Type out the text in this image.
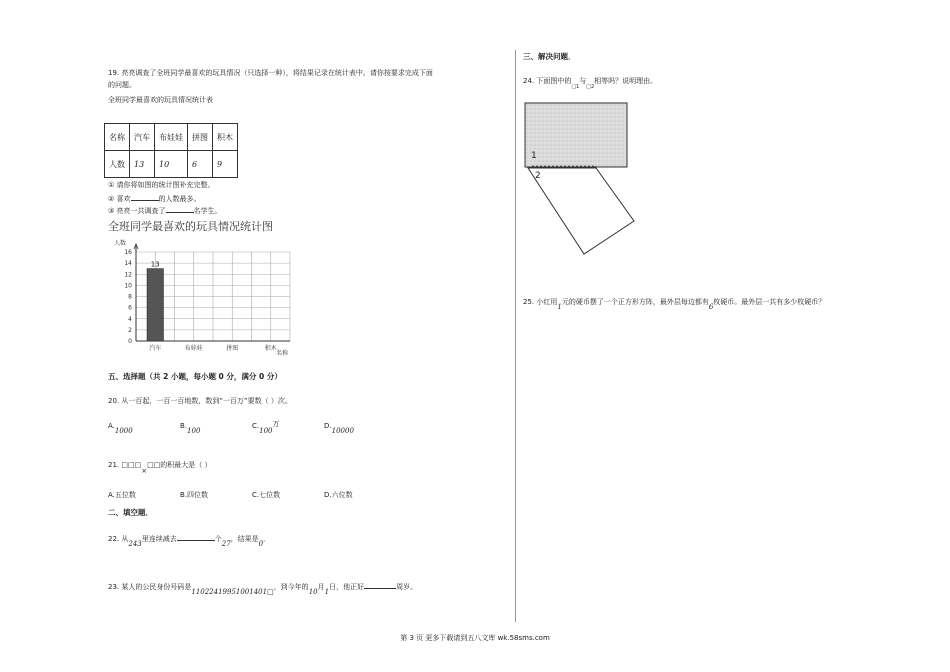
19. 亮亮调查了全班同学最喜欢的玩具情况（只选择一种），将结果记录在统计表中。请你按要求完成下面
的问题。
全班同学最喜欢的玩具情况统计表
名称	汽车	布娃娃	拼图	积木
人数	13	10	6	9
① 请你将如图的统计图补充完整。
② 喜欢	的人数最多。
③ 亮亮一共调查了	名学生。
全班同学最喜欢的玩具情况统计图
人数
0
2
4
6
8
10
12
14
16
13
汽车	布娃娃	拼图	积木
名称
五、选择题（共 2 小题，每小题 0 分，满分 0 分）
20. 从一百起，一百一百地数，数到”一百万”要数（ ）次。
$A._{1000}$
$B._{100}$
$C._{100}$万	$D._{10000}$
21. □□□×□□的积最大是（ ）
A.五位数	B.四位数	C.七位数	D.六位数
二、填空题．
22. 从243里连续减去	个27，结果是0．
23. 某人的公民身份号码是11022419951001401□，到今年的10月1日，他正好	周岁。
三、解决问题．
24. 下面图中的$_{□1}$与$_{□2}$相等吗？说明理由。
1
2
25. 小红用1元的硬币摆了一个正方形方阵，最外层每边都有6枚硬币。最外层一共有多少枚硬币？
第 3 页 更多下载请到五八文库 wk.58sms.com
